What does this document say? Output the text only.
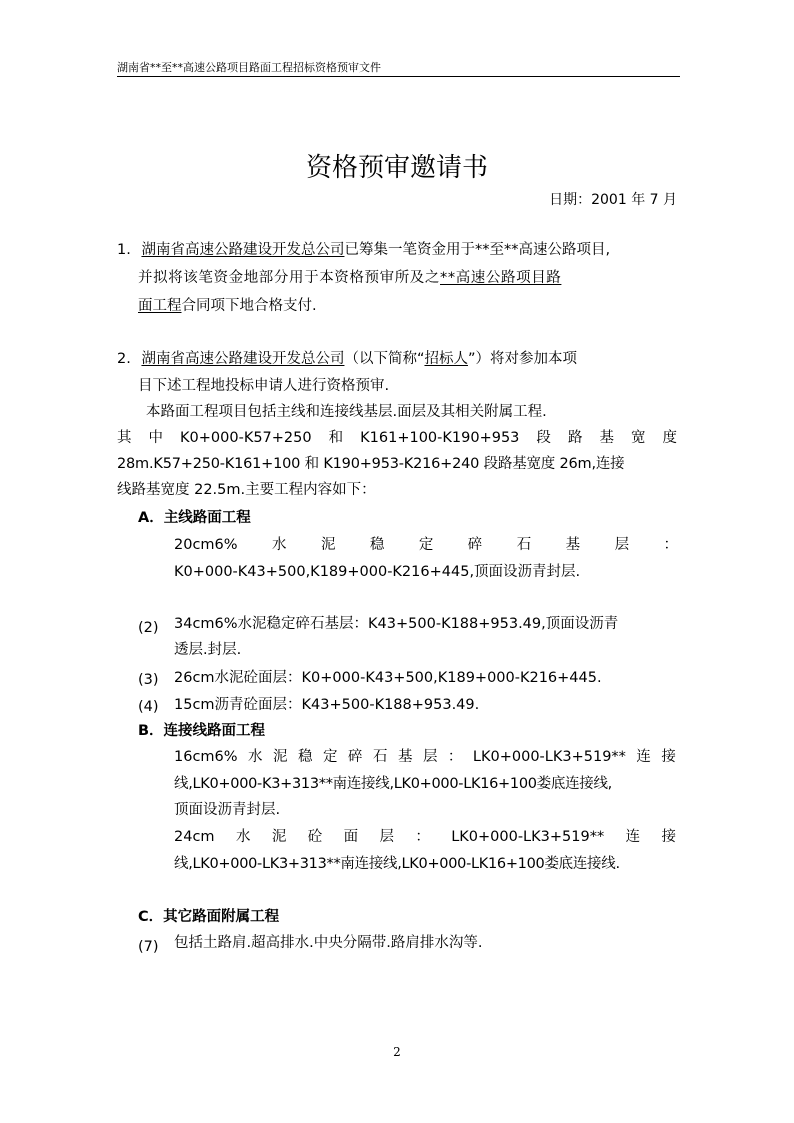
湖南省**至**高速公路项目路面工程招标资格预审文件
资格预审邀请书
日期：2001 年 7 月
1. 湖南省高速公路建设开发总公司已筹集一笔资金用于**至**高速公路项目,
并拟将该笔资金地部分用于本资格预审所及之**高速公路项目路
面工程合同项下地合格支付.
2. 湖南省高速公路建设开发总公司（以下简称“招标人”）将对参加本项
目下述工程地投标申请人进行资格预审.
本路面工程项目包括主线和连接线基层.面层及其相关附属工程.
其 中 K0+000-K57+250 和 K161+100-K190+953 段 路 基 宽 度
28m.K57+250-K161+100 和 K190+953-K216+240 段路基宽度 26m,连接
线路基宽度 22.5m.主要工程内容如下：
A．主线路面工程
20cm6% 水 泥 稳 定 碎 石 基 层 ：
K0+000-K43+500,K189+000-K216+445,顶面设沥青封层.
(2) 34cm6%水泥稳定碎石基层：K43+500-K188+953.49,顶面设沥青
透层.封层.
(3) 26cm水泥砼面层：K0+000-K43+500,K189+000-K216+445.
(4) 15cm沥青砼面层：K43+500-K188+953.49.
B．连接线路面工程
16cm6% 水 泥 稳 定 碎 石 基 层 ： LK0+000-LK3+519** 连 接
线,LK0+000-K3+313**南连接线,LK0+000-LK16+100娄底连接线,
顶面设沥青封层.
24cm 水 泥 砼 面 层 ： LK0+000-LK3+519** 连 接
线,LK0+000-LK3+313**南连接线,LK0+000-LK16+100娄底连接线.
C．其它路面附属工程
(7) 包括土路肩.超高排水.中央分隔带.路肩排水沟等.
2
